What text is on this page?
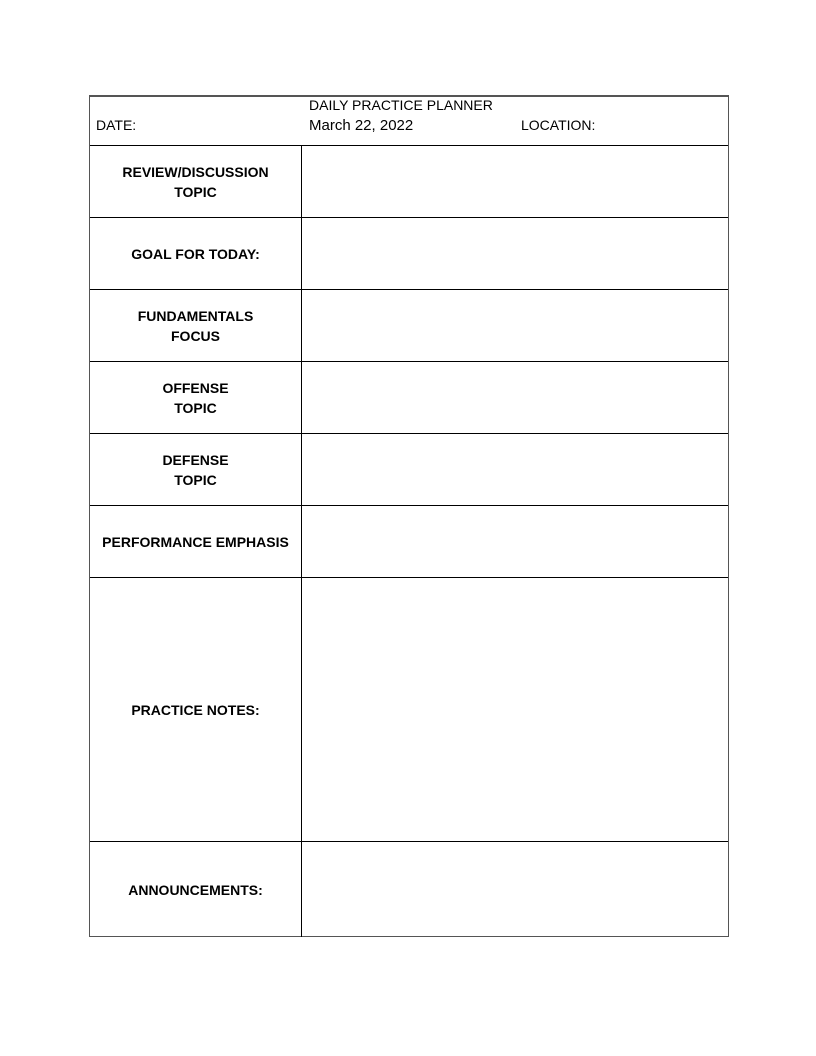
DAILY PRACTICE PLANNER
DATE:	March 22, 2022	LOCATION:
REVIEW/DISCUSSION
TOPIC
GOAL FOR TODAY:
FUNDAMENTALS
FOCUS
OFFENSE
TOPIC
DEFENSE
TOPIC
PERFORMANCE EMPHASIS
PRACTICE NOTES:
ANNOUNCEMENTS:
